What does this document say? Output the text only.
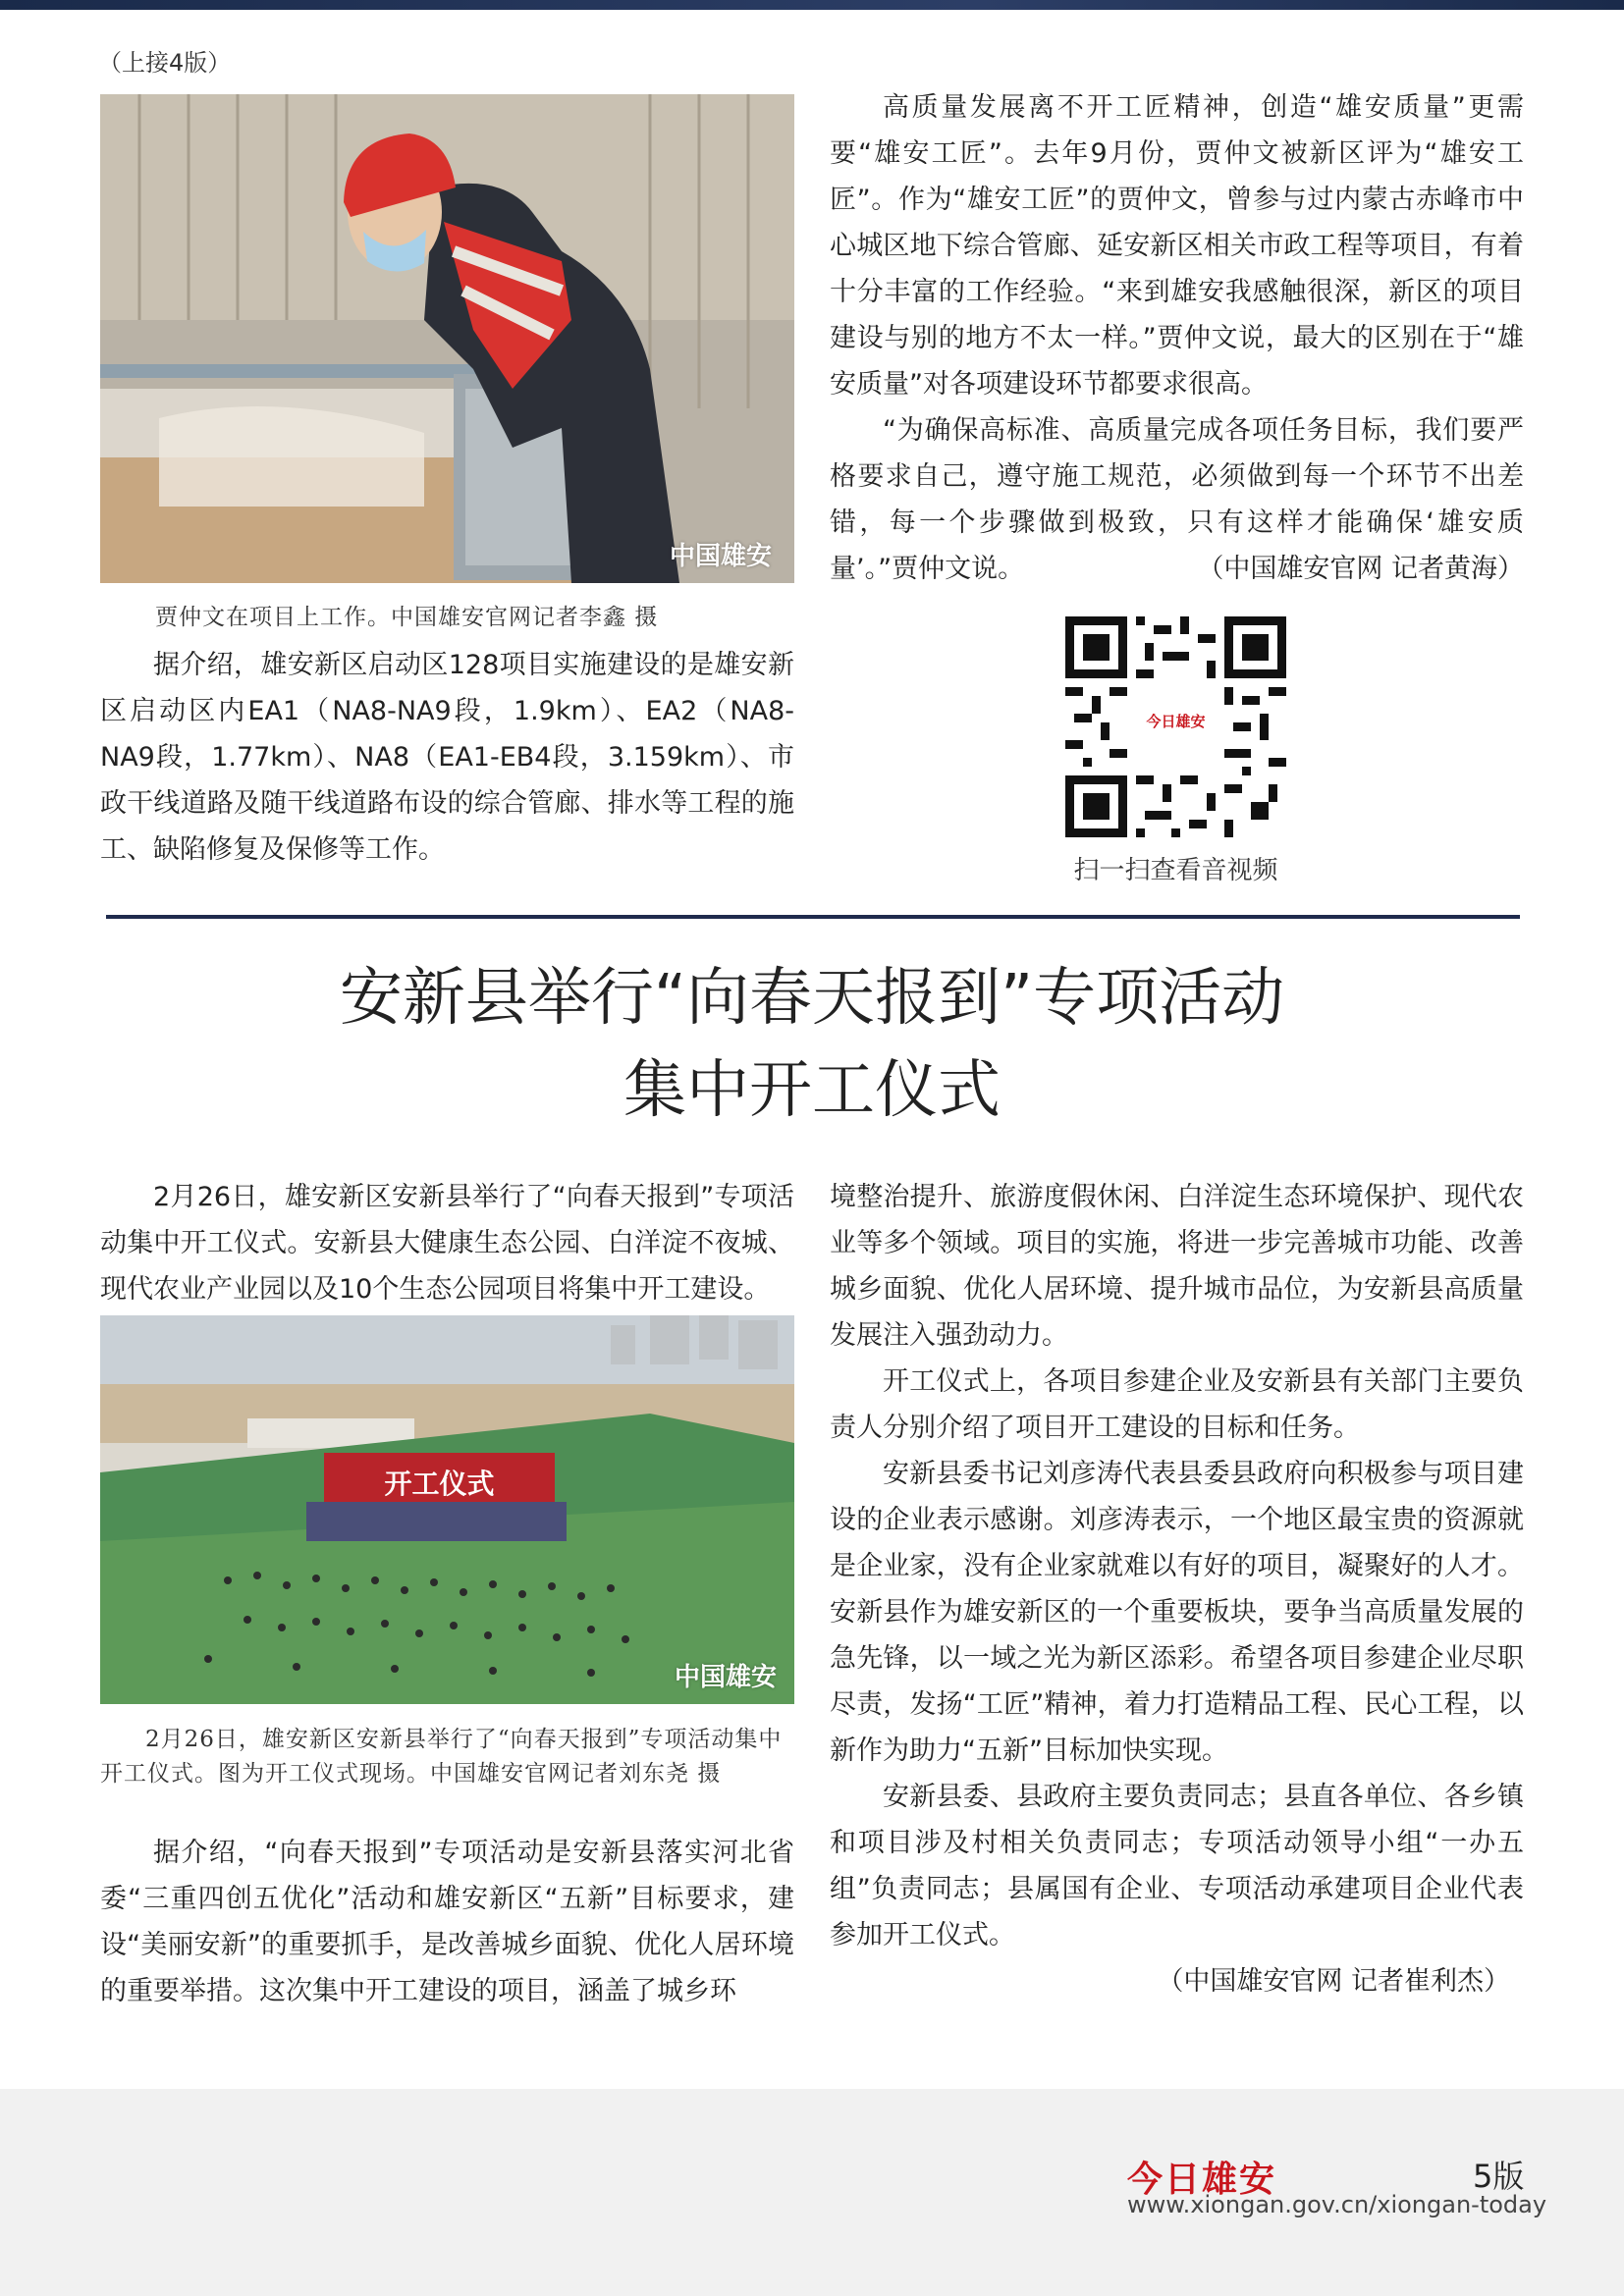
（上接4版）
中国雄安
贾仲文在项目上工作。中国雄安官网记者李鑫 摄

据介绍，雄安新区启动区128项目实施建设的是雄安新区启动区内EA1（NA8-NA9段，1.9km）、EA2（NA8-NA9段，1.77km）、NA8（EA1-EB4段，3.159km）、市政干线道路及随干线道路布设的综合管廊、排水等工程的施工、缺陷修复及保修等工作。

高质量发展离不开工匠精神，创造“雄安质量”更需要“雄安工匠”。去年9月份，贾仲文被新区评为“雄安工匠”。作为“雄安工匠”的贾仲文，曾参与过内蒙古赤峰市中心城区地下综合管廊、延安新区相关市政工程等项目，有着十分丰富的工作经验。“来到雄安我感触很深，新区的项目建设与别的地方不太一样。”贾仲文说，最大的区别在于“雄安质量”对各项建设环节都要求很高。

“为确保高标准、高质量完成各项任务目标，我们要严格要求自己，遵守施工规范，必须做到每一个环节不出差错，每一个步骤做到极致，只有这样才能确保‘雄安质量’。”贾仲文说。	（中国雄安官网 记者黄海）
今日雄安
扫一扫查看音视频
安新县举行“向春天报到”专项活动
集中开工仪式

2月26日，雄安新区安新县举行了“向春天报到”专项活动集中开工仪式。安新县大健康生态公园、白洋淀不夜城、现代农业产业园以及10个生态公园项目将集中开工建设。

开工仪式
中国雄安
2月26日，雄安新区安新县举行了“向春天报到”专项活动集中开工仪式。图为开工仪式现场。中国雄安官网记者刘东尧 摄

据介绍，“向春天报到”专项活动是安新县落实河北省委“三重四创五优化”活动和雄安新区“五新”目标要求，建设“美丽安新”的重要抓手，是改善城乡面貌、优化人居环境的重要举措。这次集中开工建设的项目，涵盖了城乡环

境整治提升、旅游度假休闲、白洋淀生态环境保护、现代农业等多个领域。项目的实施，将进一步完善城市功能、改善城乡面貌、优化人居环境、提升城市品位，为安新县高质量发展注入强劲动力。

开工仪式上，各项目参建企业及安新县有关部门主要负责人分别介绍了项目开工建设的目标和任务。

安新县委书记刘彦涛代表县委县政府向积极参与项目建设的企业表示感谢。刘彦涛表示，一个地区最宝贵的资源就是企业家，没有企业家就难以有好的项目，凝聚好的人才。安新县作为雄安新区的一个重要板块，要争当高质量发展的急先锋，以一域之光为新区添彩。希望各项目参建企业尽职尽责，发扬“工匠”精神，着力打造精品工程、民心工程，以新作为助力“五新”目标加快实现。

安新县委、县政府主要负责同志；县直各单位、各乡镇和项目涉及村相关负责同志；专项活动领导小组“一办五组”负责同志；县属国有企业、专项活动承建项目企业代表参加开工仪式。

（中国雄安官网 记者崔利杰）
今日雄安	5版
www.xiongan.gov.cn/xiongan-today
